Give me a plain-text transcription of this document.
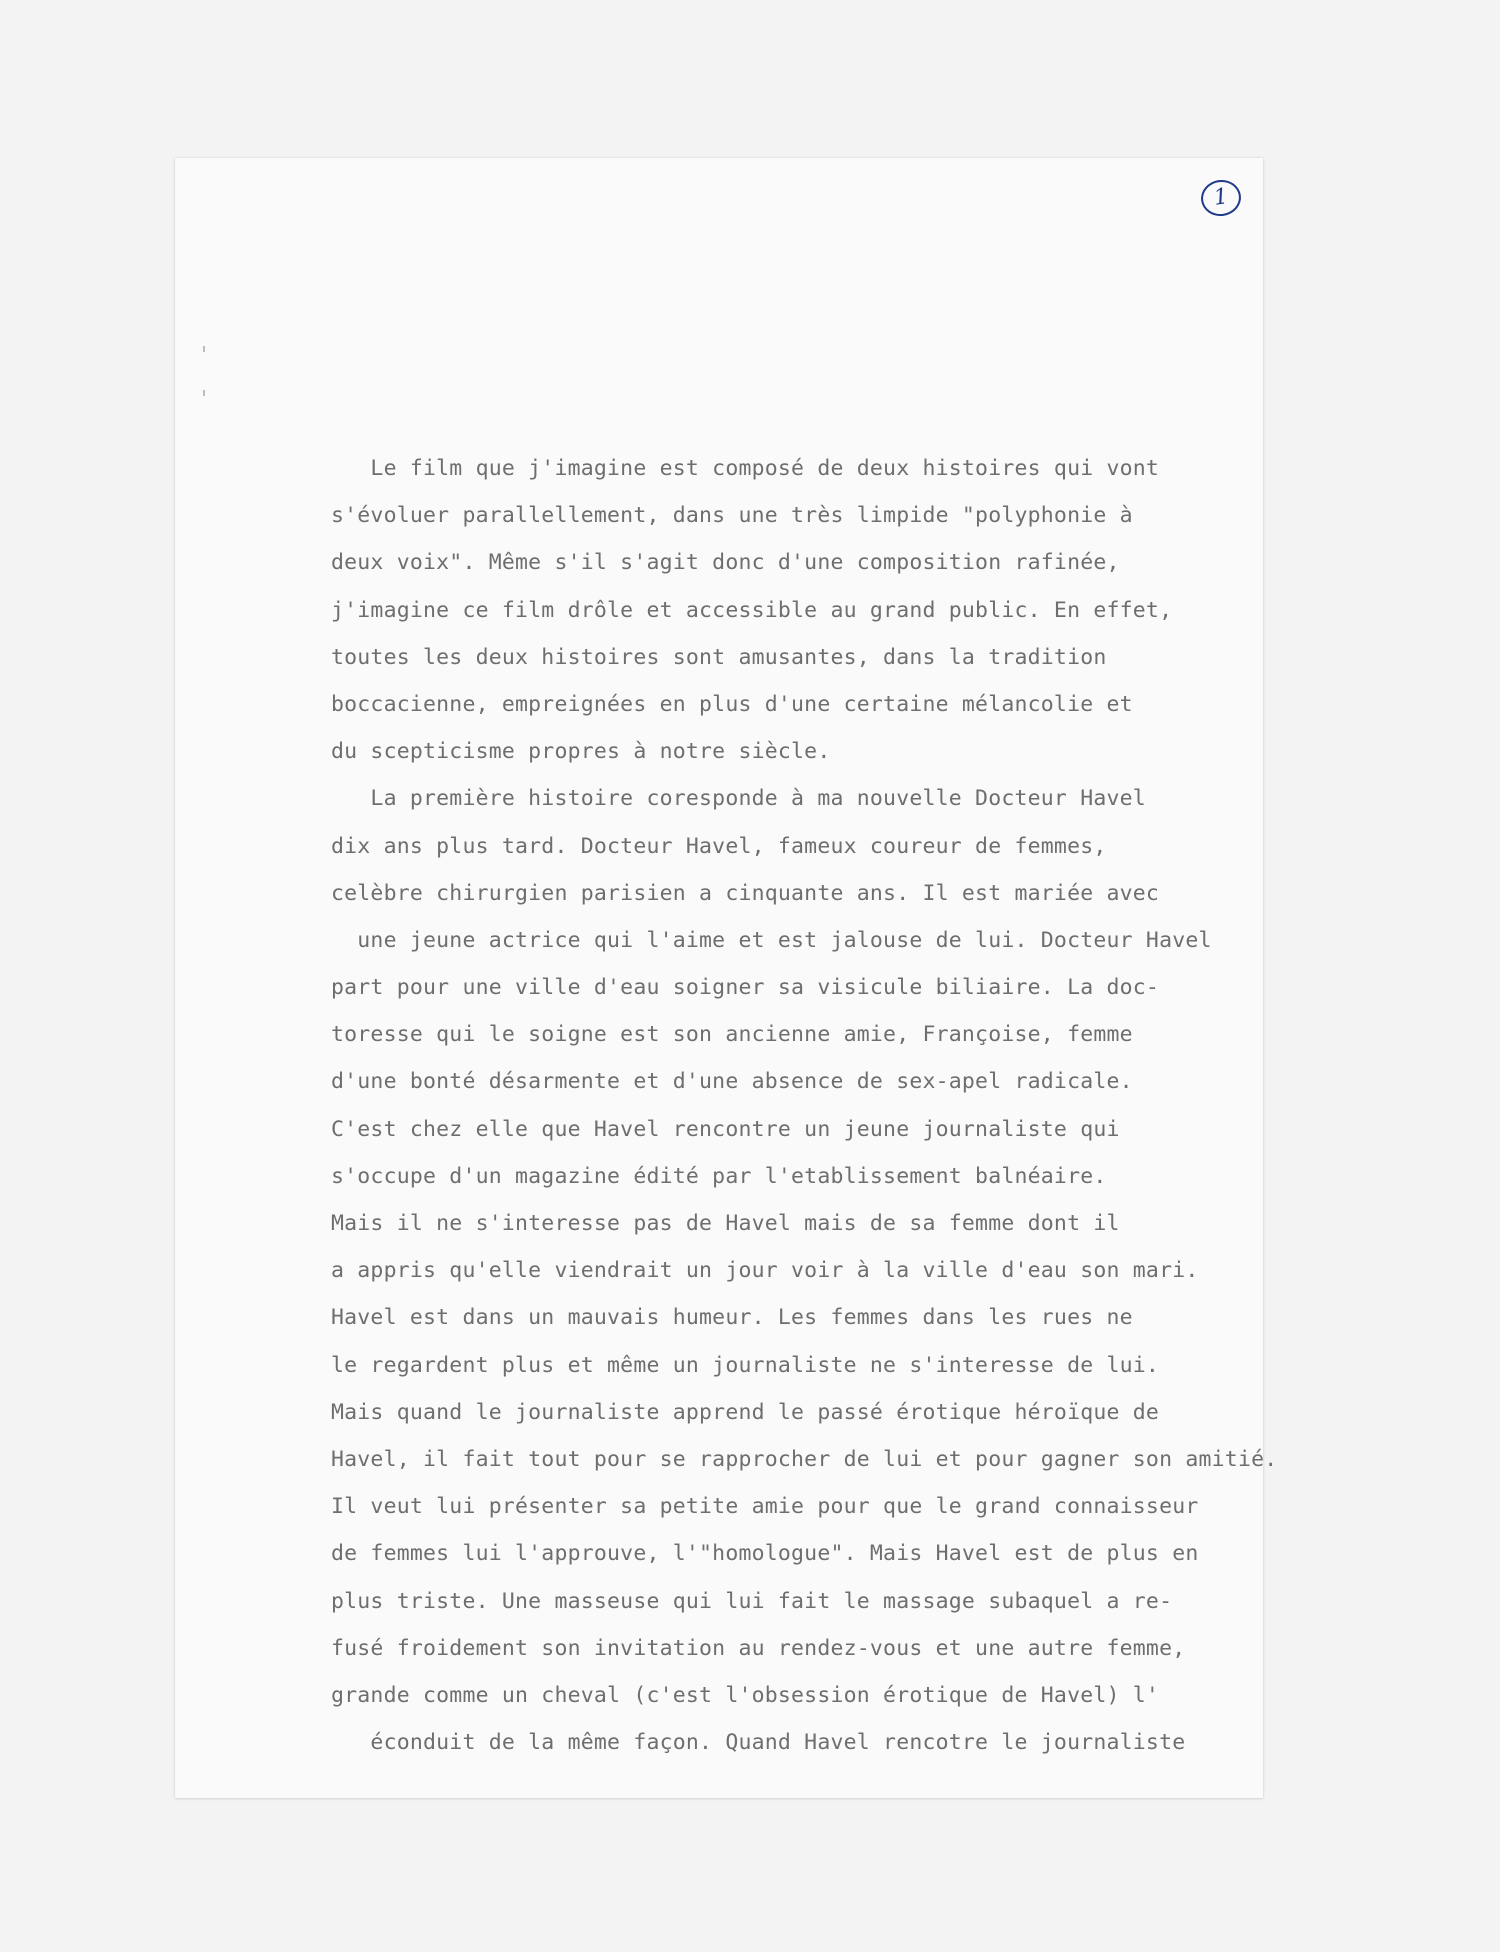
1
Le film que j'imagine est composé de deux histoires qui vont
s'évoluer parallellement, dans une très limpide "polyphonie à
deux voix". Même s'il s'agit donc d'une composition rafinée,
j'imagine ce film drôle et accessible au grand public. En effet,
toutes les deux histoires sont amusantes, dans la tradition
boccacienne, empreignées en plus d'une certaine mélancolie et
du scepticisme propres à notre siècle.
La première histoire coresponde à ma nouvelle Docteur Havel
dix ans plus tard. Docteur Havel, fameux coureur de femmes,
celèbre chirurgien parisien a cinquante ans. Il est mariée avec
une jeune actrice qui l'aime et est jalouse de lui. Docteur Havel
part pour une ville d'eau soigner sa visicule biliaire. La doc-
toresse qui le soigne est son ancienne amie, Françoise, femme
d'une bonté désarmente et d'une absence de sex-apel radicale.
C'est chez elle que Havel rencontre un jeune journaliste qui
s'occupe d'un magazine édité par l'etablissement balnéaire.
Mais il ne s'interesse pas de Havel mais de sa femme dont il
a appris qu'elle viendrait un jour voir à la ville d'eau son mari.
Havel est dans un mauvais humeur. Les femmes dans les rues ne
le regardent plus et même un journaliste ne s'interesse de lui.
Mais quand le journaliste apprend le passé érotique héroïque de
Havel, il fait tout pour se rapprocher de lui et pour gagner son amitié.
Il veut lui présenter sa petite amie pour que le grand connaisseur
de femmes lui l'approuve, l'"homologue". Mais Havel est de plus en
plus triste. Une masseuse qui lui fait le massage subaquel a re-
fusé froidement son invitation au rendez-vous et une autre femme,
grande comme un cheval (c'est l'obsession érotique de Havel) l'
éconduit de la même façon. Quand Havel rencotre le journaliste
